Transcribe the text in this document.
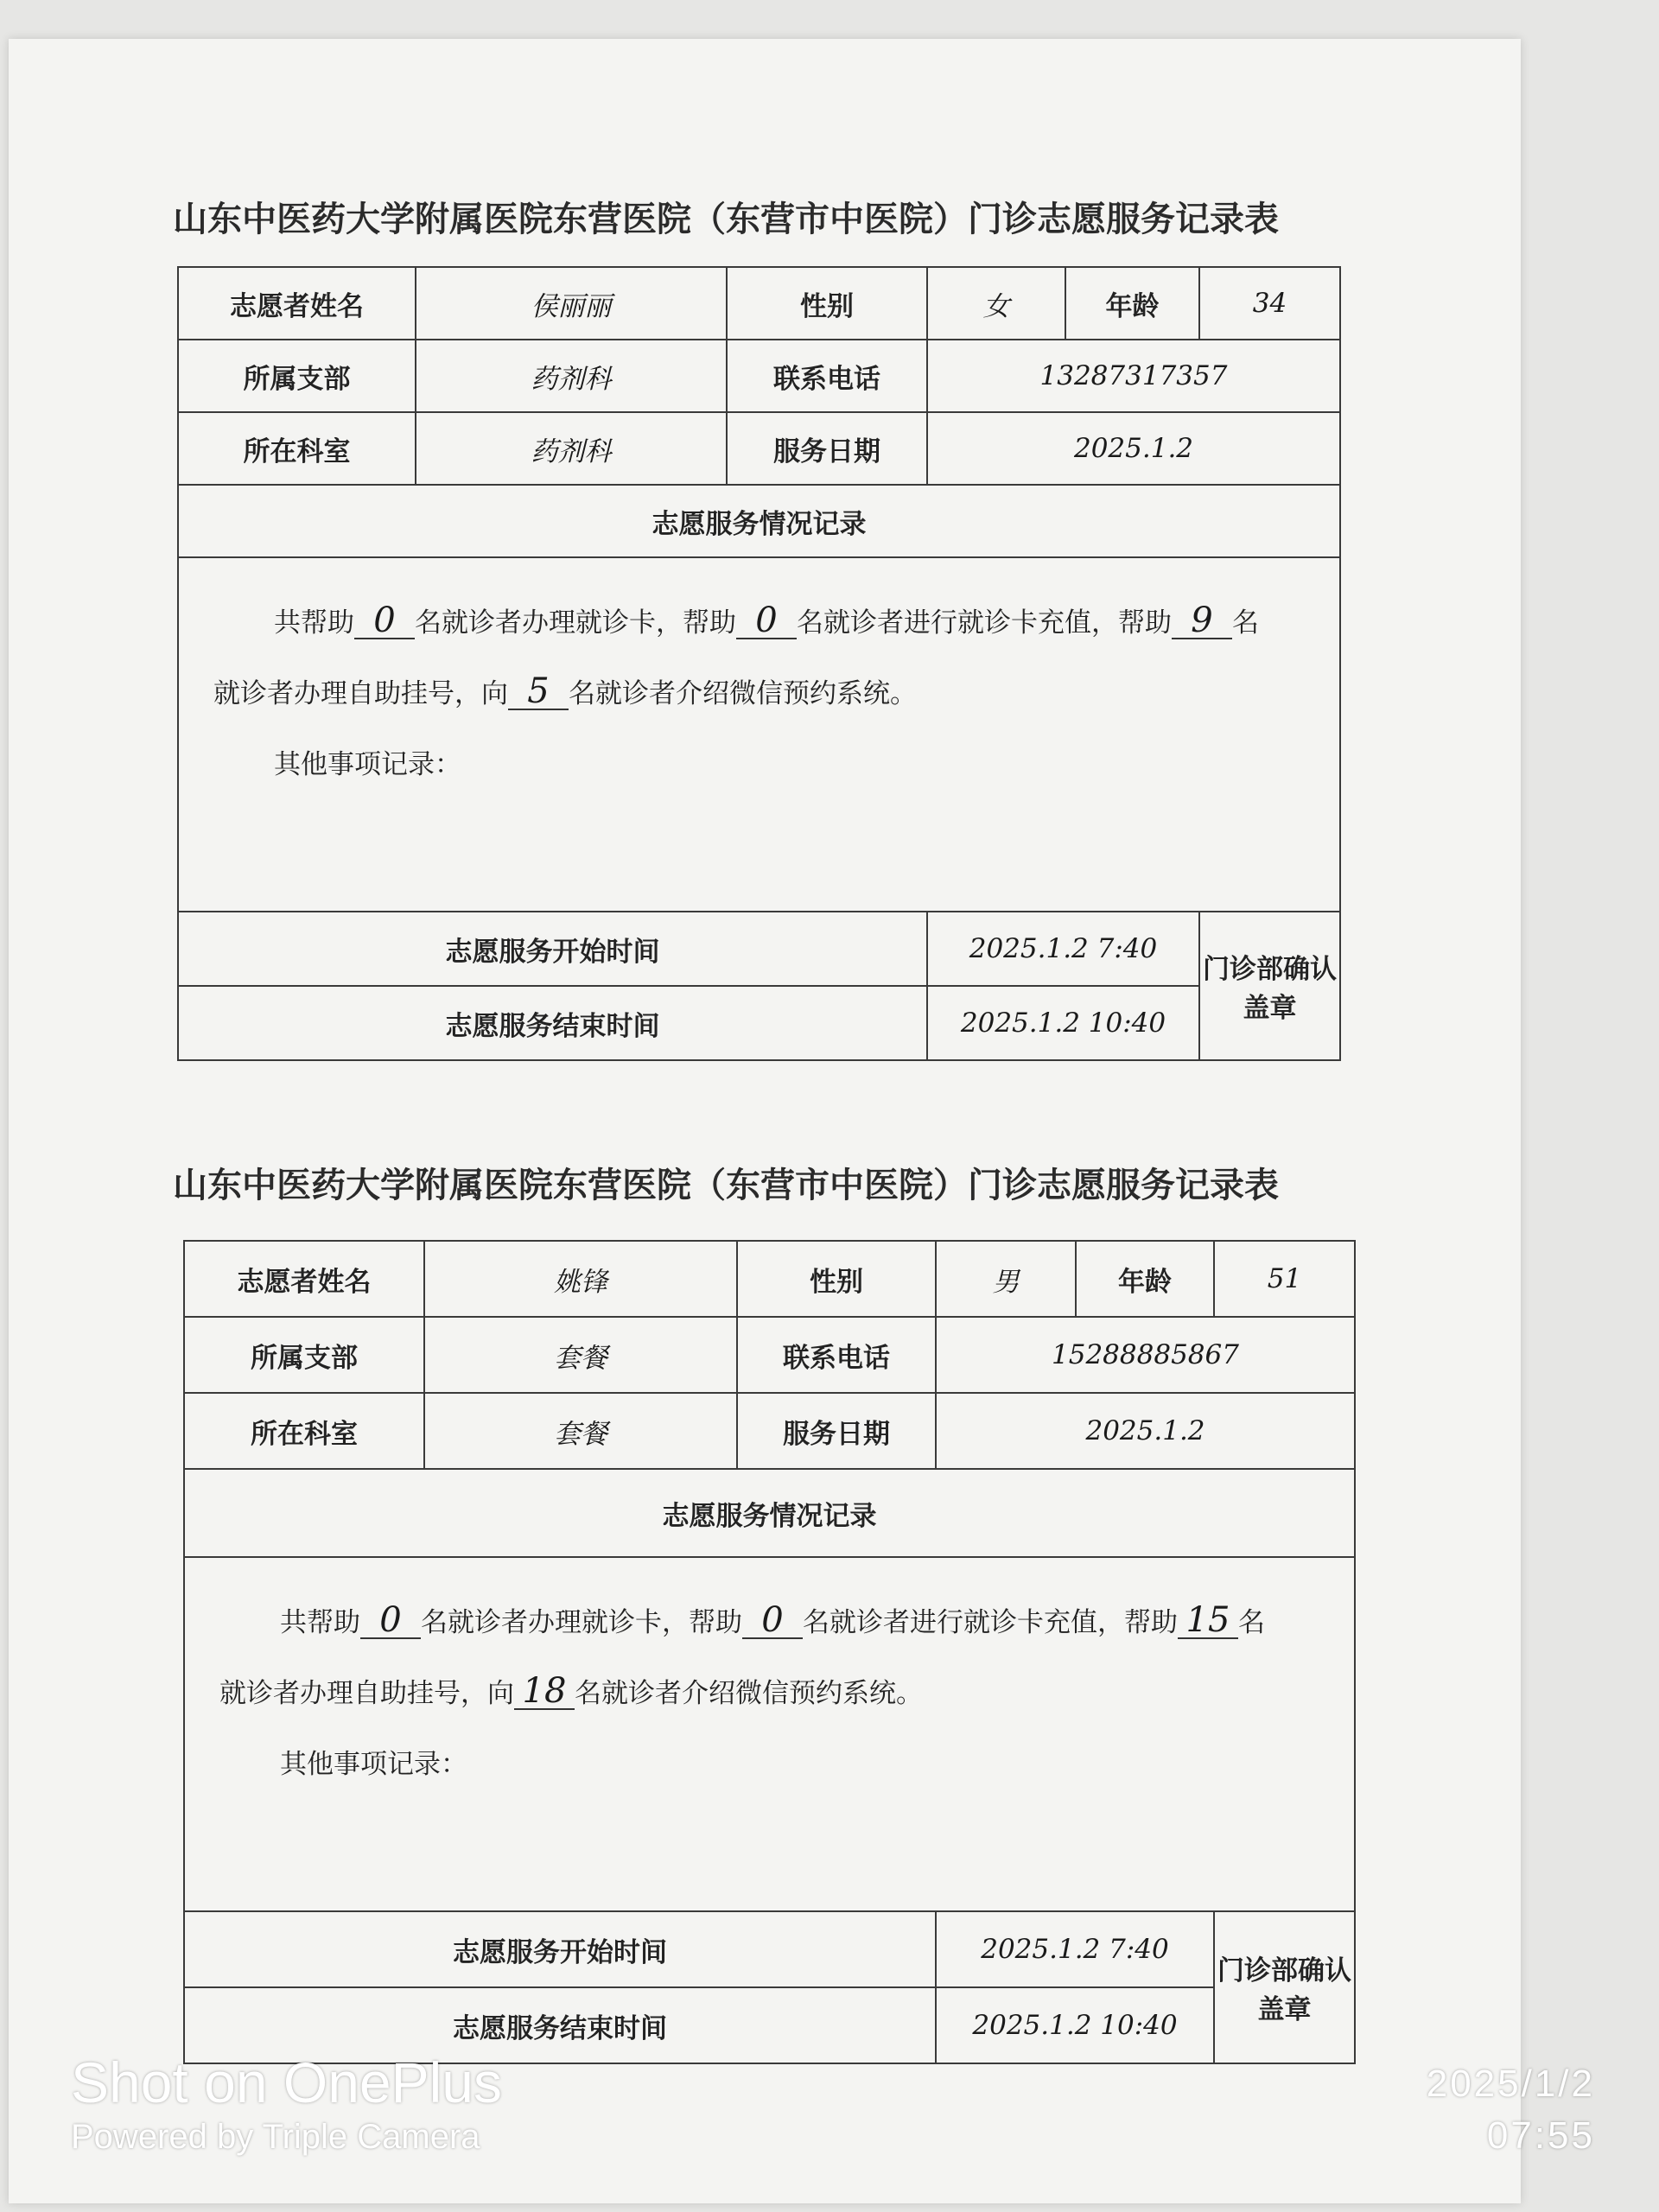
山东中医药大学附属医院东营医院（东营市中医院）门诊志愿服务记录表
志愿者姓名	侯丽丽	性别	女	年龄	34
所属支部	药剂科	联系电话	13287317357		
所在科室	药剂科	服务日期	2025.1.2		
志愿服务情况记录					
共帮助 0 名就诊者办理就诊卡，帮助 0 名就诊者进行就诊卡充值，帮助 9 名
就诊者办理自助挂号，向 5 名就诊者介绍微信预约系统。
其他事项记录：					
志愿服务开始时间			2025.1.2 7:40		门诊部确认盖章
志愿服务结束时间			2025.1.2 10:40		
山东中医药大学附属医院东营医院（东营市中医院）门诊志愿服务记录表
志愿者姓名	姚锋	性别	男	年龄	51
所属支部	套餐	联系电话	15288885867		
所在科室	套餐	服务日期	2025.1.2		
志愿服务情况记录					
共帮助 0 名就诊者办理就诊卡，帮助 0 名就诊者进行就诊卡充值，帮助 15 名
就诊者办理自助挂号，向 18 名就诊者介绍微信预约系统。
其他事项记录：					
志愿服务开始时间			2025.1.2 7:40		门诊部确认盖章
志愿服务结束时间			2025.1.2 10:40		
Shot on OnePlus
Powered by Triple Camera
2025/1/2
07:55
